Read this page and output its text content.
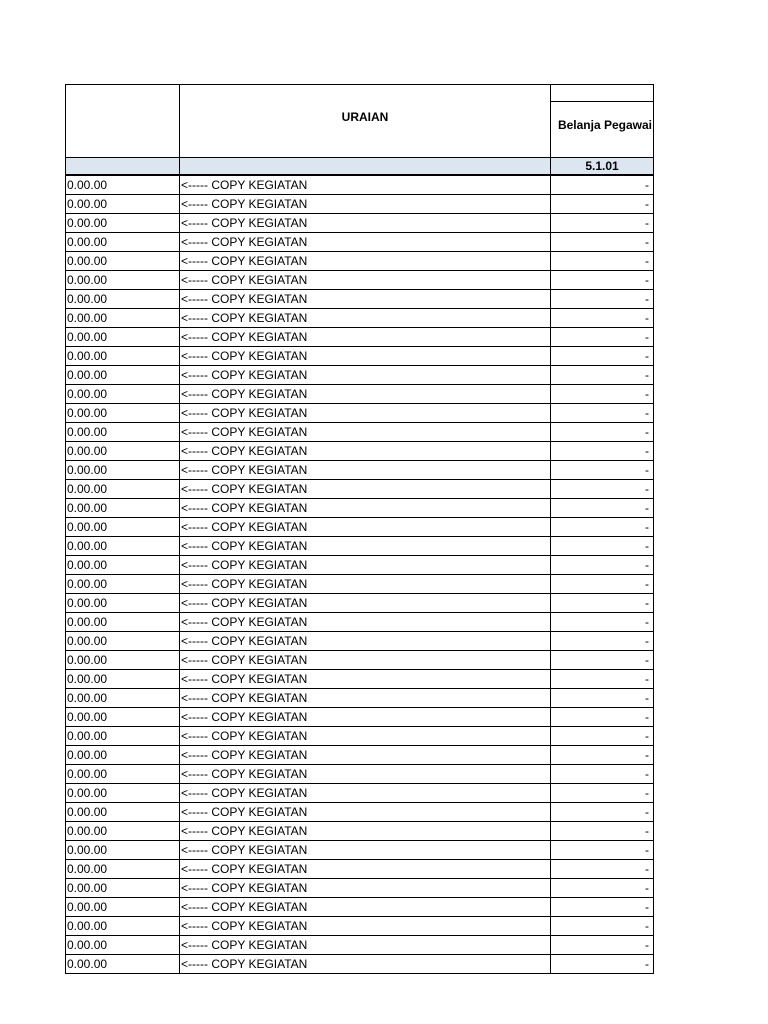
	URAIAN	Belanja Pegawai

		5.1.01
0.00.00	<----- COPY KEGIATAN	-
0.00.00	<----- COPY KEGIATAN	-
0.00.00	<----- COPY KEGIATAN	-
0.00.00	<----- COPY KEGIATAN	-
0.00.00	<----- COPY KEGIATAN	-
0.00.00	<----- COPY KEGIATAN	-
0.00.00	<----- COPY KEGIATAN	-
0.00.00	<----- COPY KEGIATAN	-
0.00.00	<----- COPY KEGIATAN	-
0.00.00	<----- COPY KEGIATAN	-
0.00.00	<----- COPY KEGIATAN	-
0.00.00	<----- COPY KEGIATAN	-
0.00.00	<----- COPY KEGIATAN	-
0.00.00	<----- COPY KEGIATAN	-
0.00.00	<----- COPY KEGIATAN	-
0.00.00	<----- COPY KEGIATAN	-
0.00.00	<----- COPY KEGIATAN	-
0.00.00	<----- COPY KEGIATAN	-
0.00.00	<----- COPY KEGIATAN	-
0.00.00	<----- COPY KEGIATAN	-
0.00.00	<----- COPY KEGIATAN	-
0.00.00	<----- COPY KEGIATAN	-
0.00.00	<----- COPY KEGIATAN	-
0.00.00	<----- COPY KEGIATAN	-
0.00.00	<----- COPY KEGIATAN	-
0.00.00	<----- COPY KEGIATAN	-
0.00.00	<----- COPY KEGIATAN	-
0.00.00	<----- COPY KEGIATAN	-
0.00.00	<----- COPY KEGIATAN	-
0.00.00	<----- COPY KEGIATAN	-
0.00.00	<----- COPY KEGIATAN	-
0.00.00	<----- COPY KEGIATAN	-
0.00.00	<----- COPY KEGIATAN	-
0.00.00	<----- COPY KEGIATAN	-
0.00.00	<----- COPY KEGIATAN	-
0.00.00	<----- COPY KEGIATAN	-
0.00.00	<----- COPY KEGIATAN	-
0.00.00	<----- COPY KEGIATAN	-
0.00.00	<----- COPY KEGIATAN	-
0.00.00	<----- COPY KEGIATAN	-
0.00.00	<----- COPY KEGIATAN	-
0.00.00	<----- COPY KEGIATAN	-
